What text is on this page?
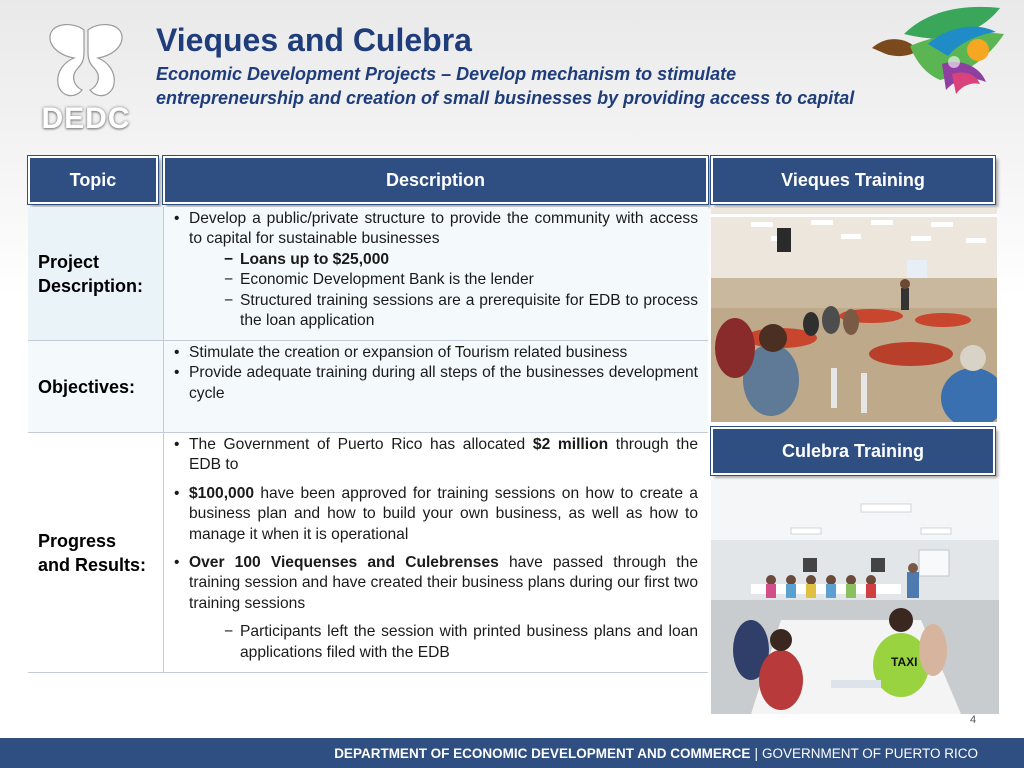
DEDC
Vieques and Culebra
Economic Development Projects – Develop mechanism to stimulate entrepreneurship and creation of small businesses by providing access to capital
Topic	Description	Vieques Training
Culebra Training
Project Description:
• Develop a public/private structure to provide the community with access to capital for sustainable businesses
− Loans up to $25,000
− Economic Development Bank is the lender
− Structured training sessions are a prerequisite for EDB to process the loan application
Objectives:
• Stimulate the creation or expansion of Tourism related business
• Provide adequate training during all steps of the businesses development cycle
Progress
and Results:
• The Government of Puerto Rico has allocated $2 million through the EDB to
• $100,000 have been approved for training sessions on how to create a business plan and how to build your own business, as well as how to manage it when it is operational
• Over 100 Viequenses and Culebrenses have passed through the training session and have created their business plans during our first two training sessions
− Participants left the session with printed business plans and loan applications filed with the EDB
TAXI
4
DEPARTMENT OF ECONOMIC DEVELOPMENT AND COMMERCE | GOVERNMENT OF PUERTO RICO
